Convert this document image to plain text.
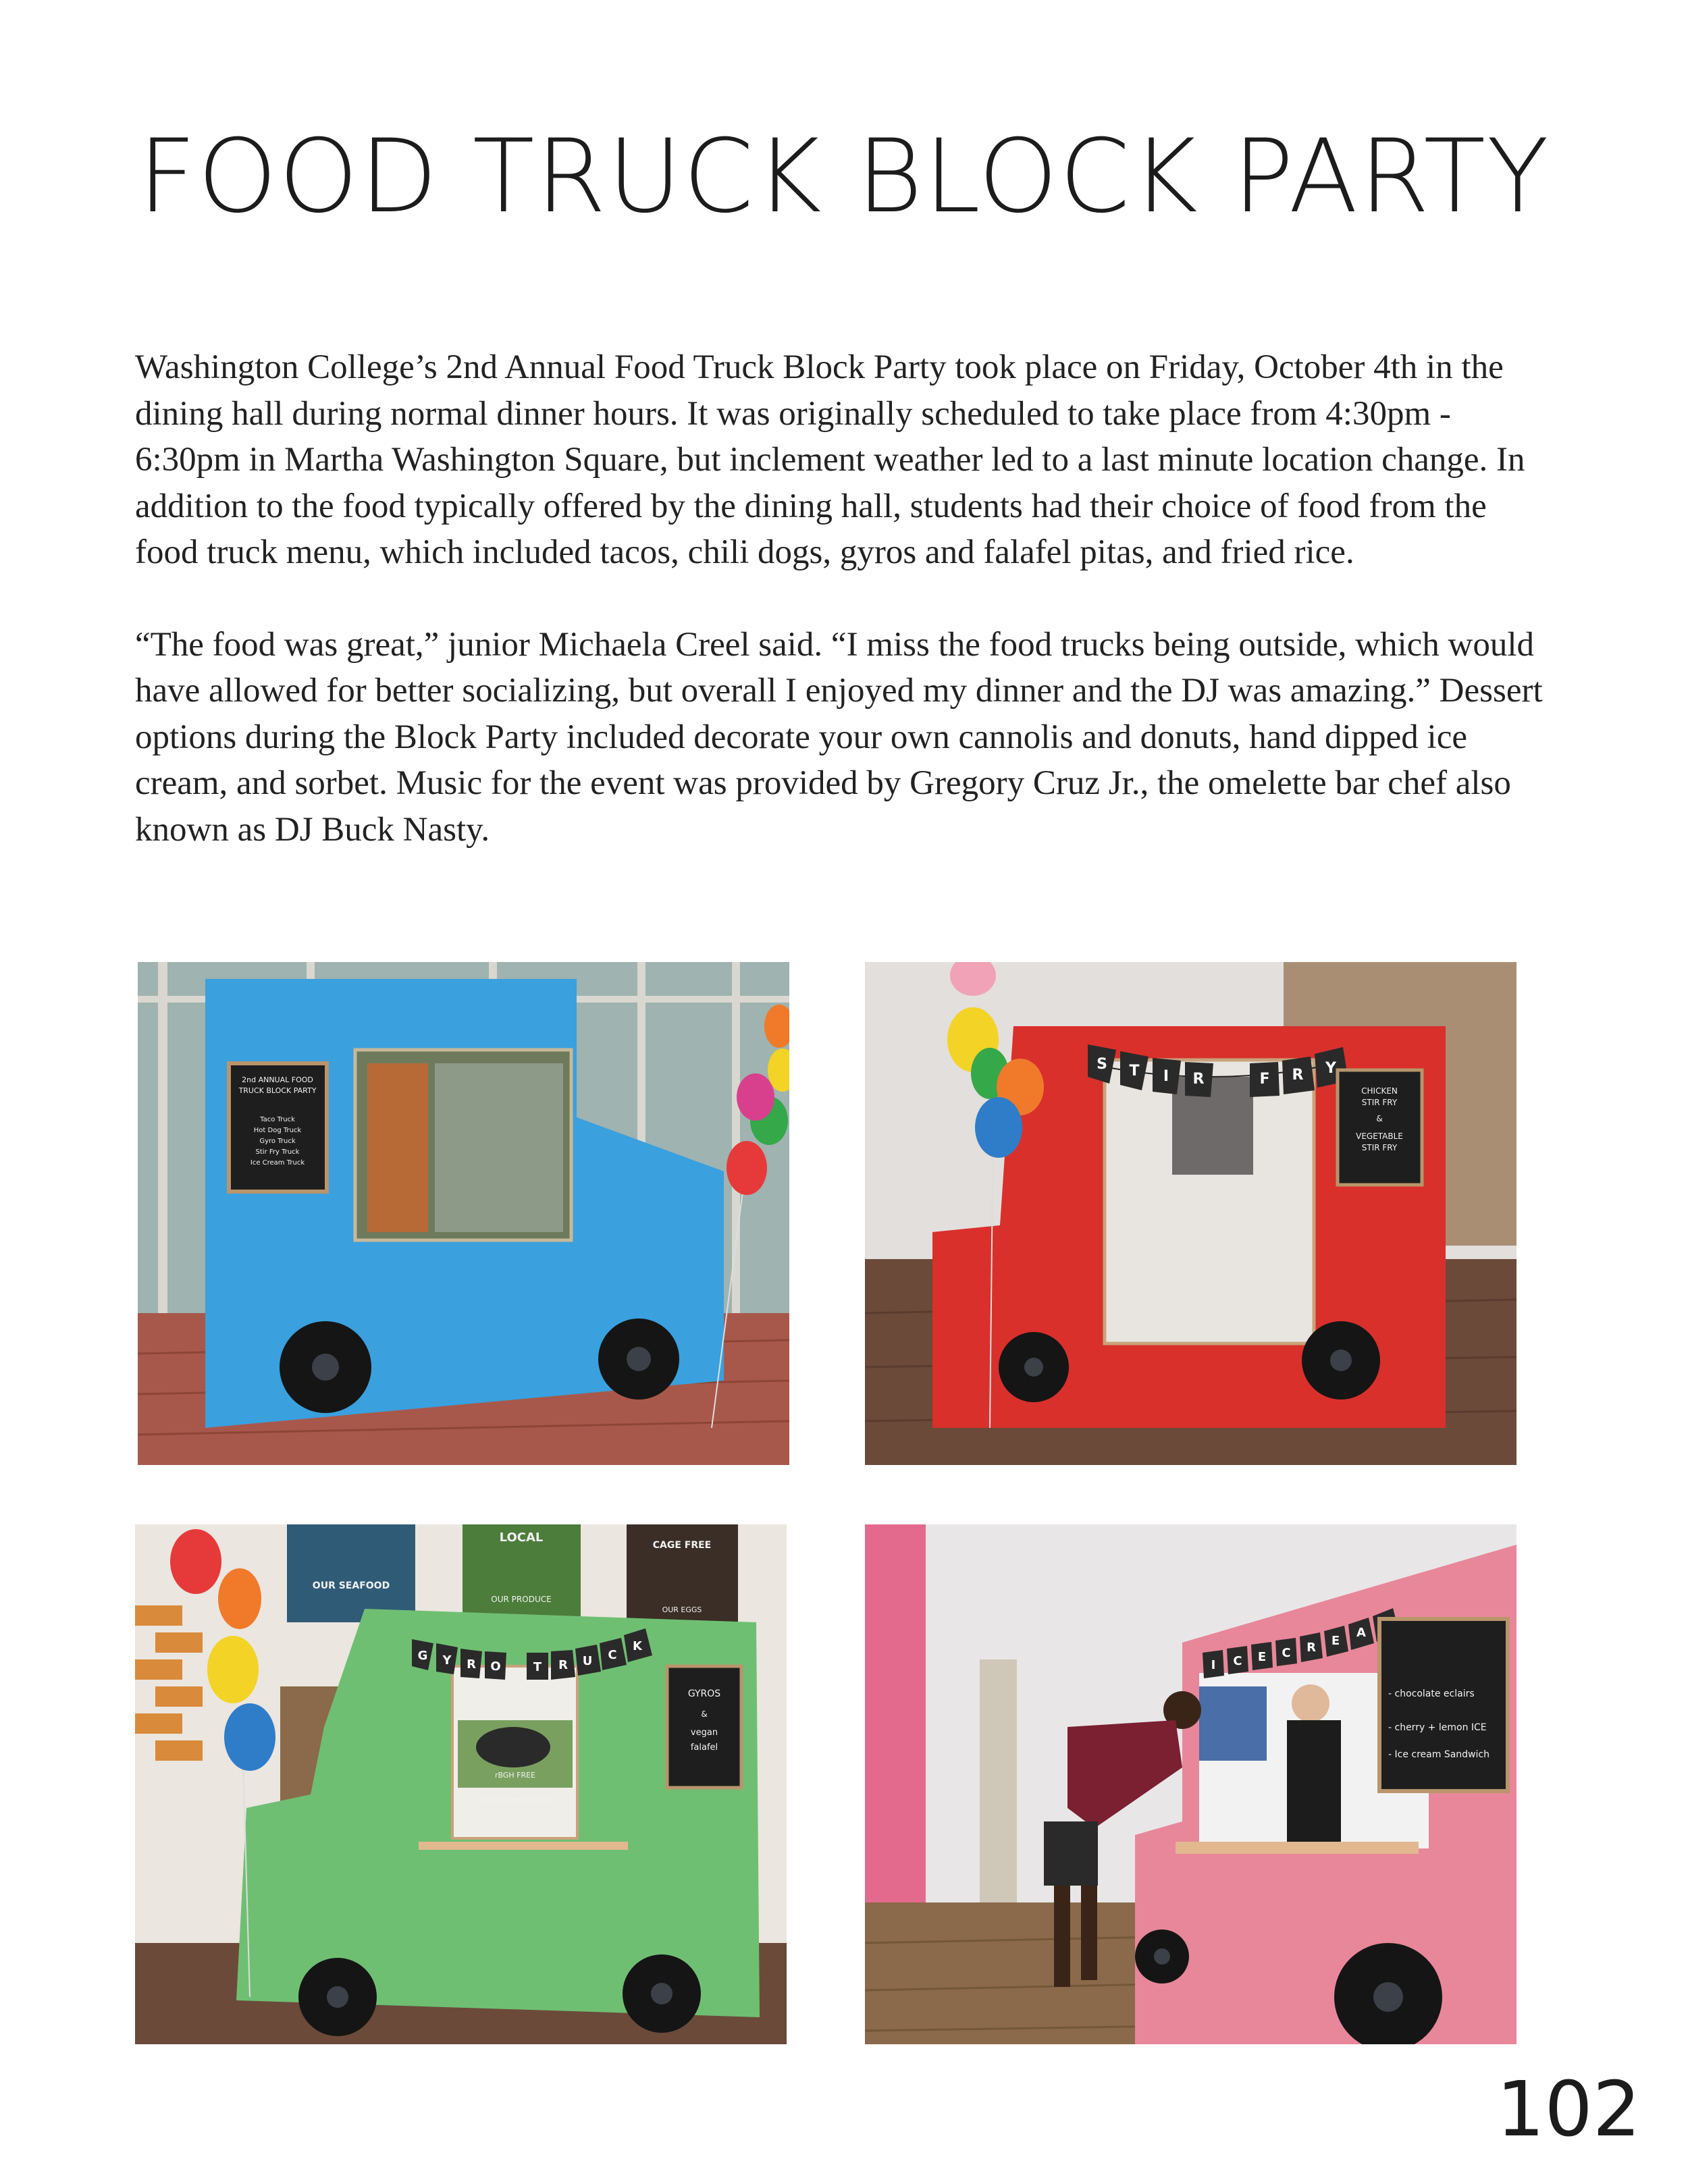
FOOD TRUCK BLOCK PARTY

Washington College’s 2nd Annual Food Truck Block Party took place on Friday, October 4th in the dining hall during normal dinner hours. It was originally scheduled to take place from 4:30pm - 6:30pm in Martha Washington Square, but inclement weather led to a last minute location change. In addition to the food typically offered by the dining hall, students had their choice of food from the food truck menu, which included tacos, chili dogs, gyros and falafel pitas, and fried rice.

“The food was great,” junior Michaela Creel said. “I miss the food trucks being outside, which would have allowed for better socializing, but overall I enjoyed my dinner and the DJ was amazing.” Dessert options during the Block Party included decorate your own cannolis and donuts, hand dipped ice cream, and sorbet. Music for the event was provided by Gregory Cruz Jr., the omelette bar chef also known as DJ Buck Nasty.

2nd ANNUAL FOOD
TRUCK BLOCK PARTY
Taco Truck
Hot Dog Truck
Gyro Truck
Stir Fry Truck
Ice Cream Truck
S T I R	F R Y
CHICKEN
STIR FRY
&
VEGETABLE
STIR FRY
OUR SEAFOOD
LOCAL
OUR PRODUCE
CAGE FREE
OUR EGGS
rBGH FREE
OUR MILK AND YOGURT
G Y R O	T R U C
K
GYROS
&
vegan
falafel
I C E C R E
A
- chocolate eclairs
- cherry + lemon ICE
- Ice cream Sandwich
102
